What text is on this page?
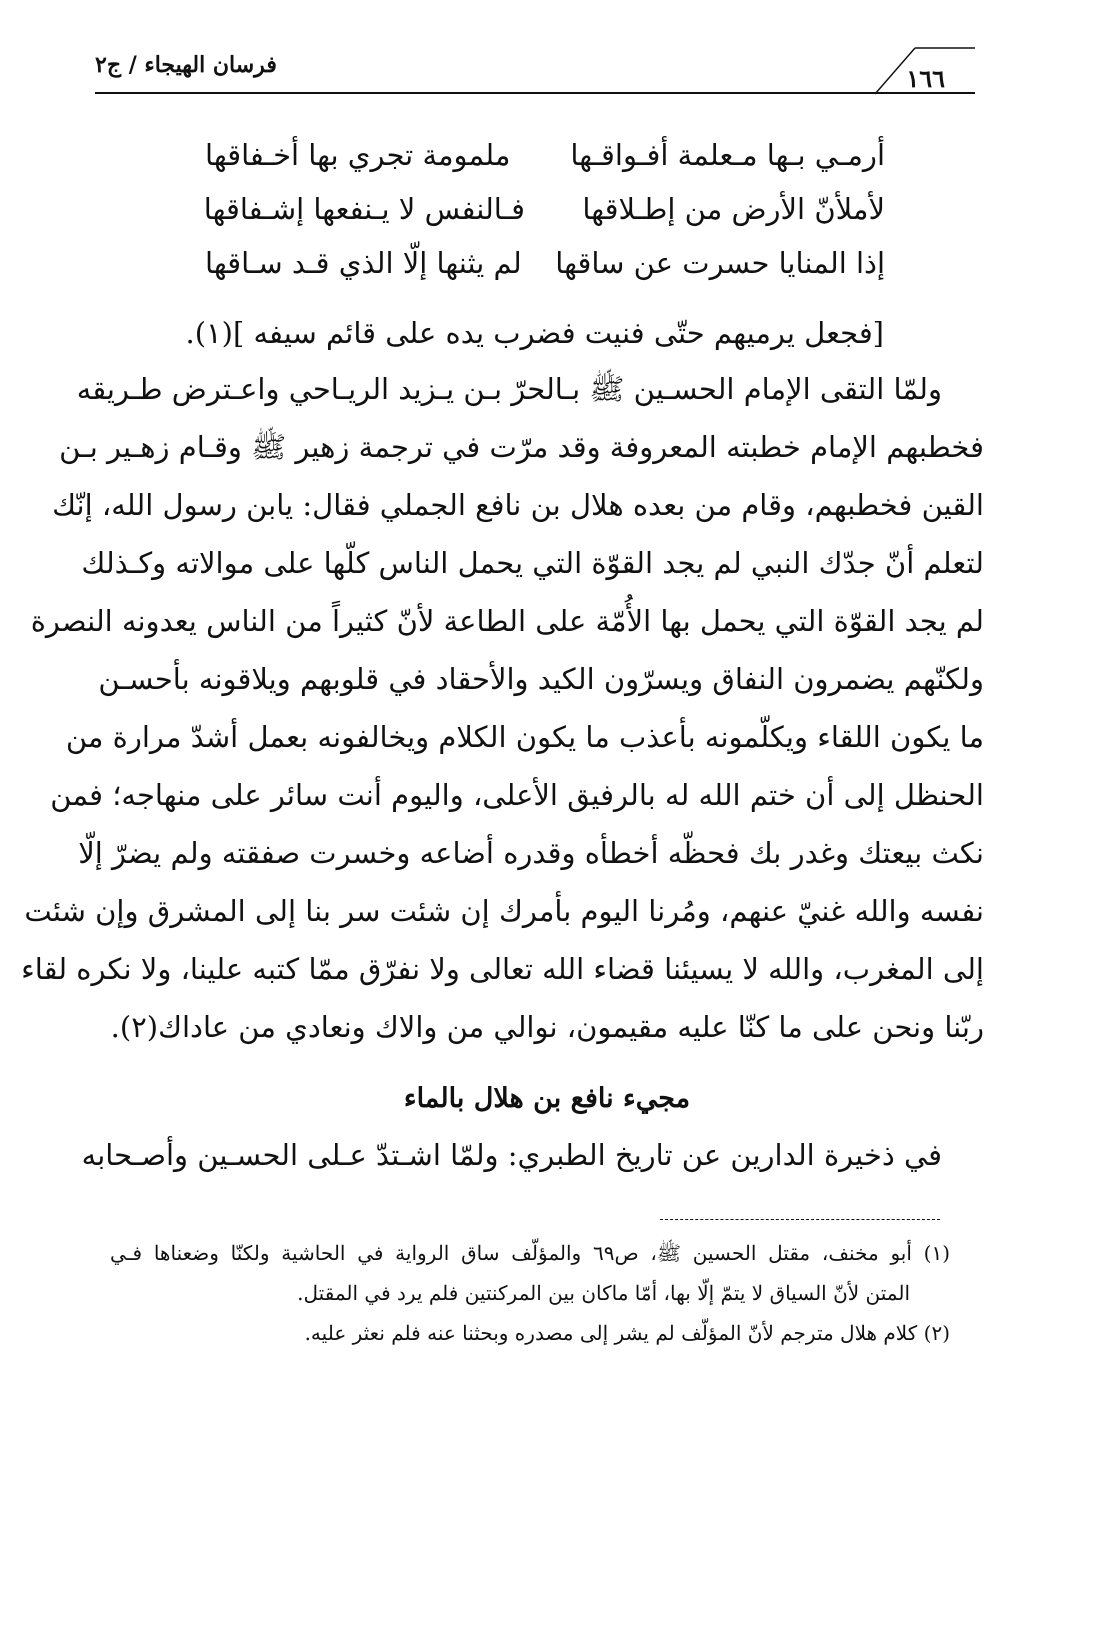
فرسان الهيجاء / ج٢	١٦٦
أرمـي بـها مـعلمة أفـواقـها
ملمومة تجري بها أخـفاقها
لأملأنّ الأرض من إطـلاقها
فـالنفس لا يـنفعها إشـفاقها
إذا المنايا حسرت عن ساقها
لم يثنها إلّا الذي قـد سـاقها
[فجعل يرميهم حتّى فنيت فضرب يده على قائم سيفه ](١).
ولمّا التقى الإمام الحسـين ﷺ بـالحرّ بـن يـزيد الريـاحي واعـترض طـريقه
فخطبهم الإمام خطبته المعروفة وقد مرّت في ترجمة زهير ﷺ وقـام زهـير بـن
القين فخطبهم، وقام من بعده هلال بن نافع الجملي فقال: يابن رسول الله، إنّك
لتعلم أنّ جدّك النبي لم يجد القوّة التي يحمل الناس كلّها على موالاته وكـذلك
لم يجد القوّة التي يحمل بها الأُمّة على الطاعة لأنّ كثيراً من الناس يعدونه النصرة
ولكنّهم يضمرون النفاق ويسرّون الكيد والأحقاد في قلوبهم ويلاقونه بأحسـن
ما يكون اللقاء ويكلّمونه بأعذب ما يكون الكلام ويخالفونه بعمل أشدّ مرارة من
الحنظل إلى أن ختم الله له بالرفيق الأعلى، واليوم أنت سائر على منهاجه؛ فمن
نكث بيعتك وغدر بك فحظّه أخطأه وقدره أضاعه وخسرت صفقته ولم يضرّ إلّا
نفسه والله غنيّ عنهم، ومُرنا اليوم بأمرك إن شئت سر بنا إلى المشرق وإن شئت
إلى المغرب، والله لا يسيئنا قضاء الله تعالى ولا نفرّق ممّا كتبه علينا، ولا نكره لقاء
ربّنا ونحن على ما كنّا عليه مقيمون، نوالي من والاك ونعادي من عاداك(٢).
مجيء نافع بن هلال بالماء
في ذخيرة الدارين عن تاريخ الطبري: ولمّا اشـتدّ عـلى الحسـين وأصـحابه
(١) أبو مخنف، مقتل الحسين ﷺ، ص٦٩ والمؤلّف ساق الرواية في الحاشية ولكنّا وضعناها فـي
المتن لأنّ السياق لا يتمّ إلّا بها، أمّا ماكان بين المركنتين فلم يرد في المقتل.
(٢) كلام هلال مترجم لأنّ المؤلّف لم يشر إلى مصدره وبحثنا عنه فلم نعثر عليه.
